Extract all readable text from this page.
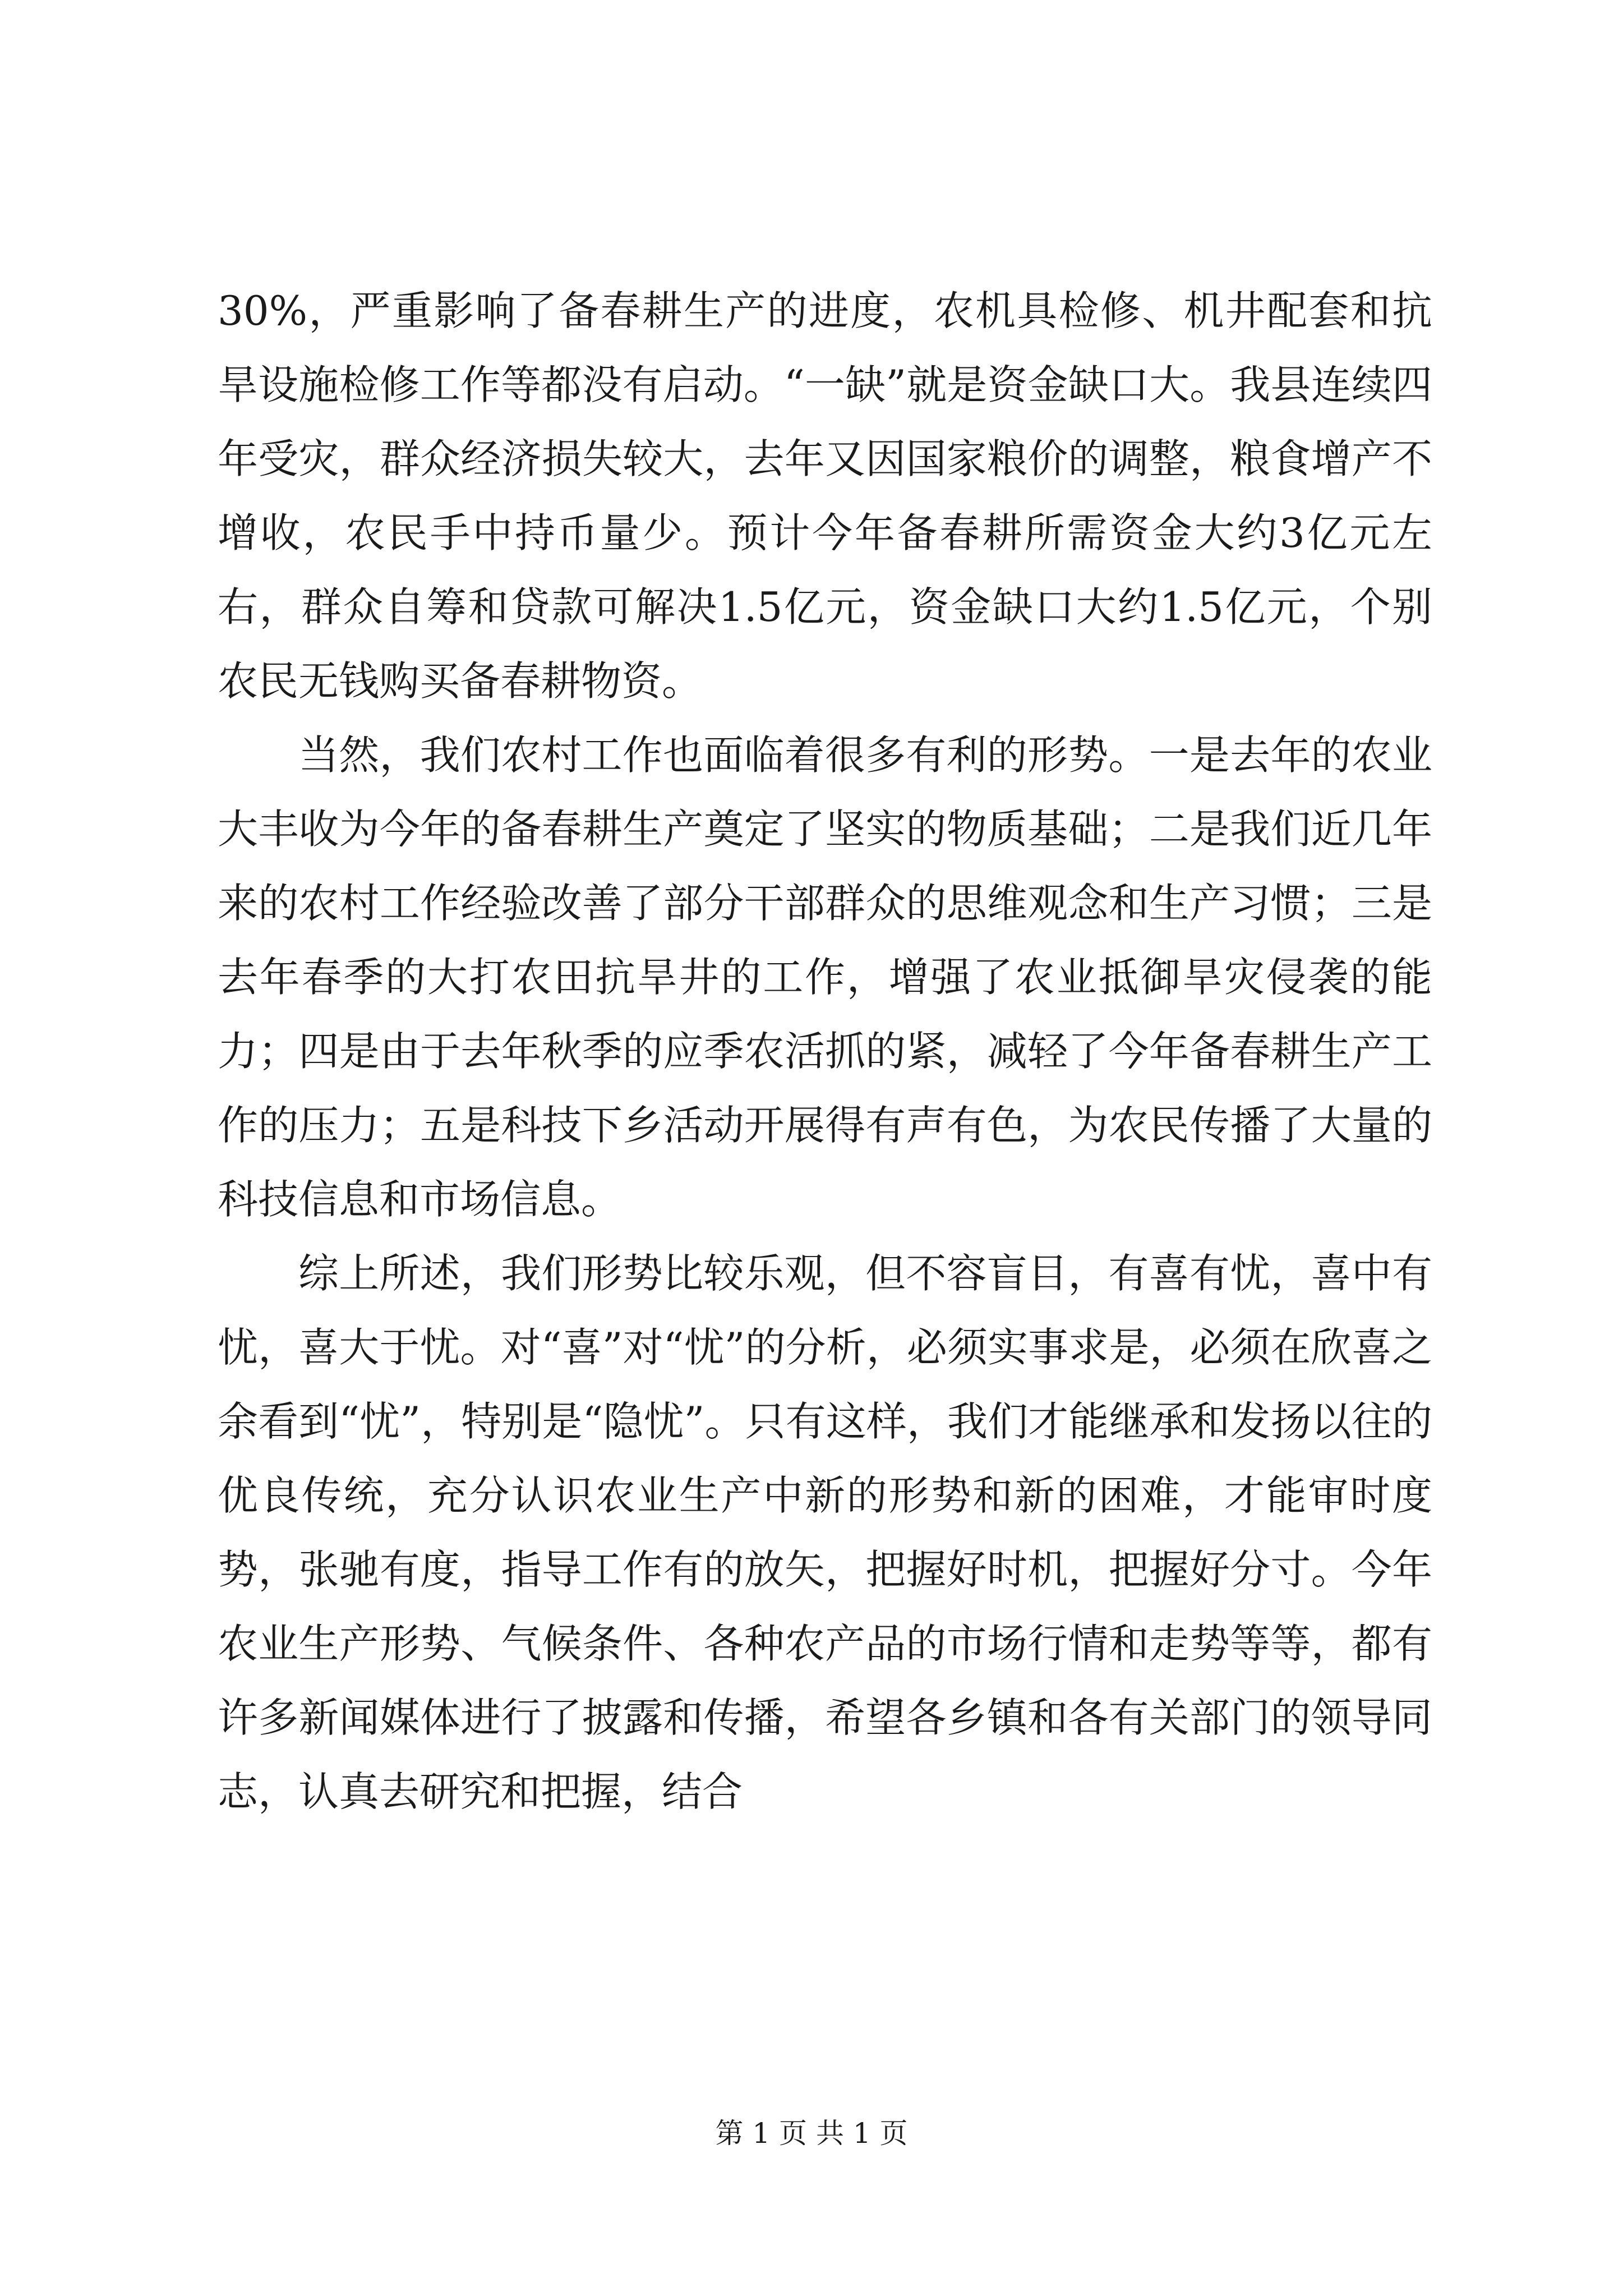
30%，严重影响了备春耕生产的进度，农机具检修、机井配套和抗旱设施检修工作等都没有启动。“一缺”就是资金缺口大。我县连续四年受灾，群众经济损失较大，去年又因国家粮价的调整，粮食增产不增收，农民手中持币量少。预计今年备春耕所需资金大约3亿元左右，群众自筹和贷款可解决1.5亿元，资金缺口大约1.5亿元，个别农民无钱购买备春耕物资。

当然，我们农村工作也面临着很多有利的形势。一是去年的农业大丰收为今年的备春耕生产奠定了坚实的物质基础；二是我们近几年来的农村工作经验改善了部分干部群众的思维观念和生产习惯；三是去年春季的大打农田抗旱井的工作，增强了农业抵御旱灾侵袭的能力；四是由于去年秋季的应季农活抓的紧，减轻了今年备春耕生产工作的压力；五是科技下乡活动开展得有声有色，为农民传播了大量的科技信息和市场信息。

综上所述，我们形势比较乐观，但不容盲目，有喜有忧，喜中有忧，喜大于忧。对“喜”对“忧”的分析，必须实事求是，必须在欣喜之余看到“忧”，特别是“隐忧”。只有这样，我们才能继承和发扬以往的优良传统，充分认识农业生产中新的形势和新的困难，才能审时度势，张驰有度，指导工作有的放矢，把握好时机，把握好分寸。今年农业生产形势、气候条件、各种农产品的市场行情和走势等等，都有许多新闻媒体进行了披露和传播，希望各乡镇和各有关部门的领导同志，认真去研究和把握，结合

第 1 页 共 1 页
